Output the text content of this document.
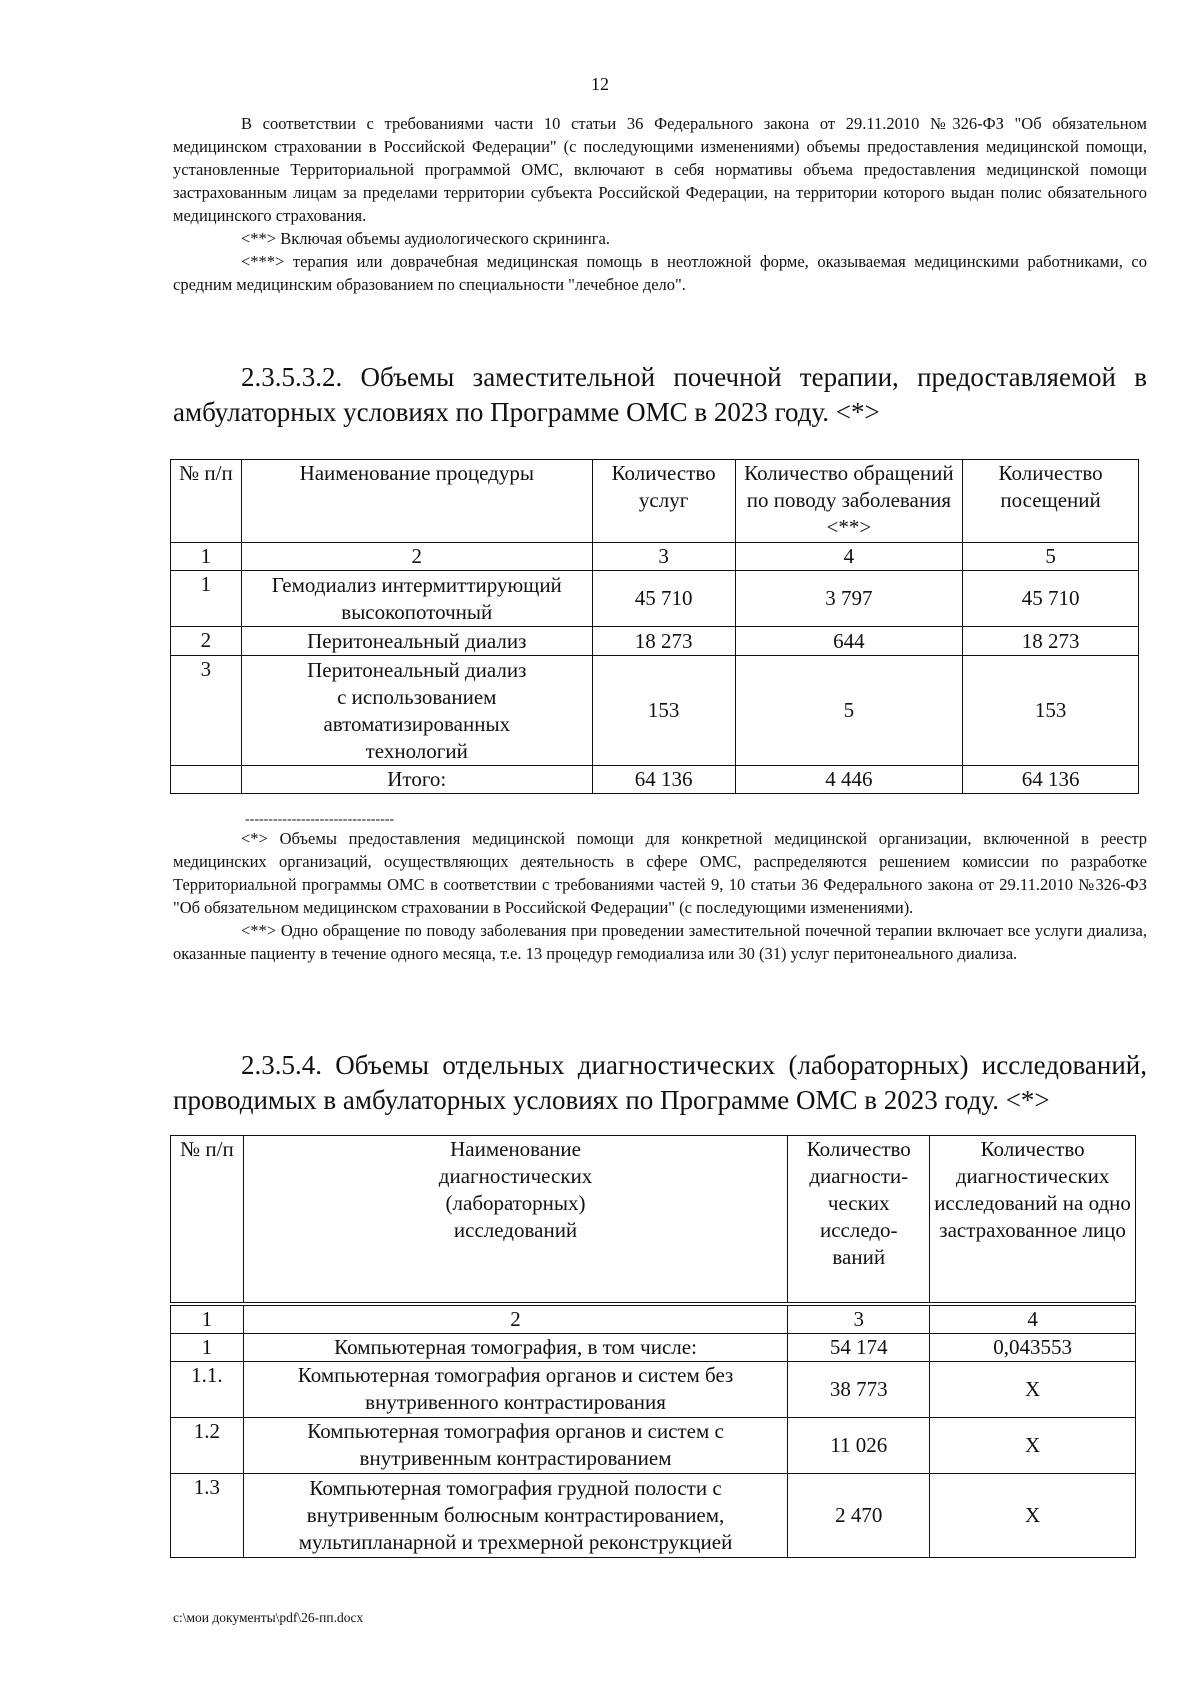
12

В соответствии с требованиями части 10 статьи 36 Федерального закона от 29.11.2010 №326-ФЗ "Об обязательном медицинском страховании в Российской Федерации" (с последующими изменениями) объемы предоставления медицинской помощи, установленные Территориальной программой ОМС, включают в себя нормативы объема предоставления медицинской помощи застрахованным лицам за пределами территории субъекта Российской Федерации, на территории которого выдан полис обязательного медицинского страхования.

<**> Включая объемы аудиологического скрининга.

<***> терапия или доврачебная медицинская помощь в неотложной форме, оказываемая медицинскими работниками, со средним медицинским образованием по специальности "лечебное дело".

2.3.5.3.2. Объемы заместительной почечной терапии, предоставляемой в амбулаторных условиях по Программе ОМС в 2023 году. <*>

№ п/п	Наименование процедуры	Количество услуг	Количество обращений по поводу заболевания <**>	Количество посещений
1	2	3	4	5
1	Гемодиализ интермиттирующий высокопоточный	45 710	3 797	45 710
2	Перитонеальный диализ	18 273	644	18 273
3	Перитонеальный диализ с использованием автоматизированных технологий	153	5	153
	Итого:	64 136	4 446	64 136
--------------------------------

<*> Объемы предоставления медицинской помощи для конкретной медицинской организации, включенной в реестр медицинских организаций, осуществляющих деятельность в сфере ОМС, распределяются решением комиссии по разработке Территориальной программы ОМС в соответствии с требованиями частей 9, 10 статьи 36 Федерального закона от 29.11.2010 №326-ФЗ "Об обязательном медицинском страховании в Российской Федерации" (с последующими изменениями).

<**> Одно обращение по поводу заболевания при проведении заместительной почечной терапии включает все услуги диализа, оказанные пациенту в течение одного месяца, т.е. 13 процедур гемодиализа или 30 (31) услуг перитонеального диализа.

2.3.5.4. Объемы отдельных диагностических (лабораторных) исследований, проводимых в амбулаторных условиях по Программе ОМС в 2023 году. <*>

№ п/п	Наименование диагностических (лабораторных) исследований	Количество диагности-ческих исследо-ваний	Количество диагностических исследований на одно застрахованное лицо
1	2	3	4
1	Компьютерная томография, в том числе:	54 174	0,043553
1.1.	Компьютерная томография органов и систем без внутривенного контрастирования	38 773	X
1.2	Компьютерная томография органов и систем с внутривенным контрастированием	11 026	X
1.3	Компьютерная томография грудной полости с внутривенным болюсным контрастированием, мультипланарной и трехмерной реконструкцией	2 470	X
c:\мои документы\pdf\26-пп.docx
